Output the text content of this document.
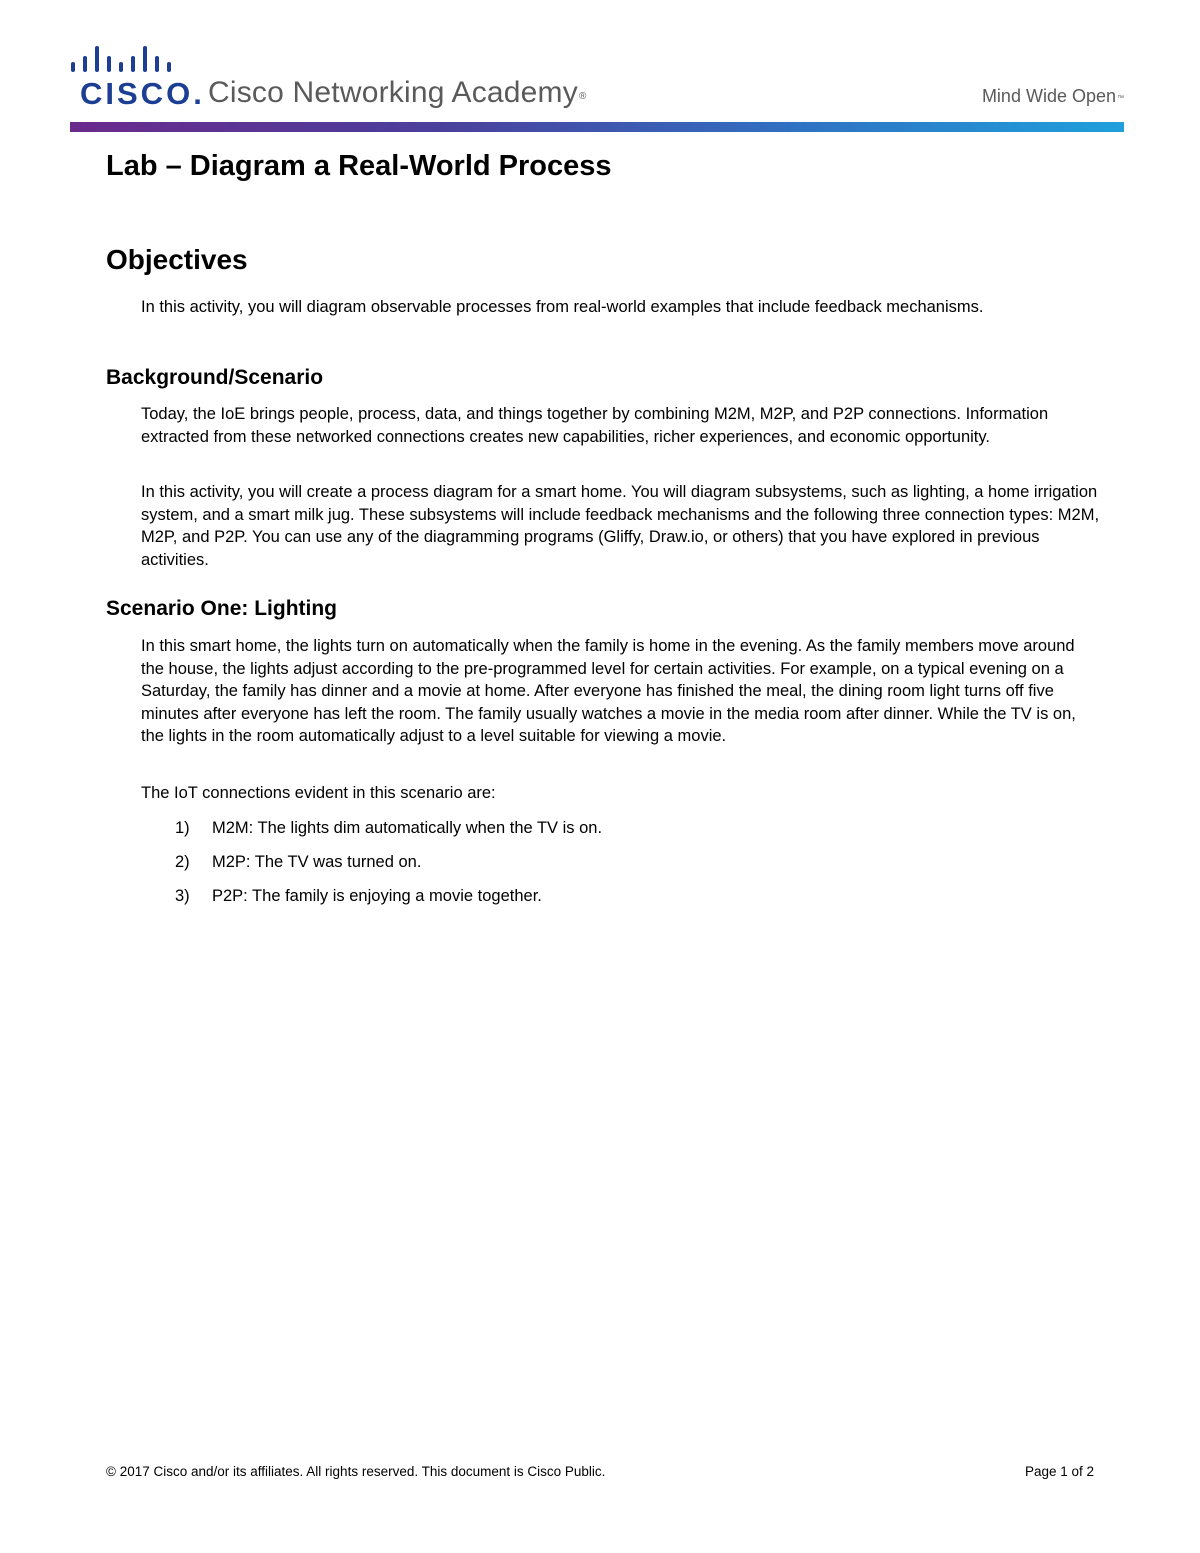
CISCO. Cisco Networking Academy®	Mind Wide Open™
Lab – Diagram a Real-World Process
Objectives

In this activity, you will diagram observable processes from real-world examples that include feedback mechanisms.

Background/Scenario

Today, the IoE brings people, process, data, and things together by combining M2M, M2P, and P2P connections. Information extracted from these networked connections creates new capabilities, richer experiences, and economic opportunity.

In this activity, you will create a process diagram for a smart home. You will diagram subsystems, such as lighting, a home irrigation system, and a smart milk jug. These subsystems will include feedback mechanisms and the following three connection types: M2M, M2P, and P2P. You can use any of the diagramming programs (Gliffy, Draw.io, or others) that you have explored in previous activities.

Scenario One: Lighting

In this smart home, the lights turn on automatically when the family is home in the evening. As the family members move around the house, the lights adjust according to the pre-programmed level for certain activities. For example, on a typical evening on a Saturday, the family has dinner and a movie at home. After everyone has finished the meal, the dining room light turns off five minutes after everyone has left the room. The family usually watches a movie in the media room after dinner. While the TV is on, the lights in the room automatically adjust to a level suitable for viewing a movie.

The IoT connections evident in this scenario are:

1) M2M: The lights dim automatically when the TV is on.
2) M2P: The TV was turned on.
3) P2P: The family is enjoying a movie together.
© 2017 Cisco and/or its affiliates. All rights reserved. This document is Cisco Public.	Page 1 of 2
